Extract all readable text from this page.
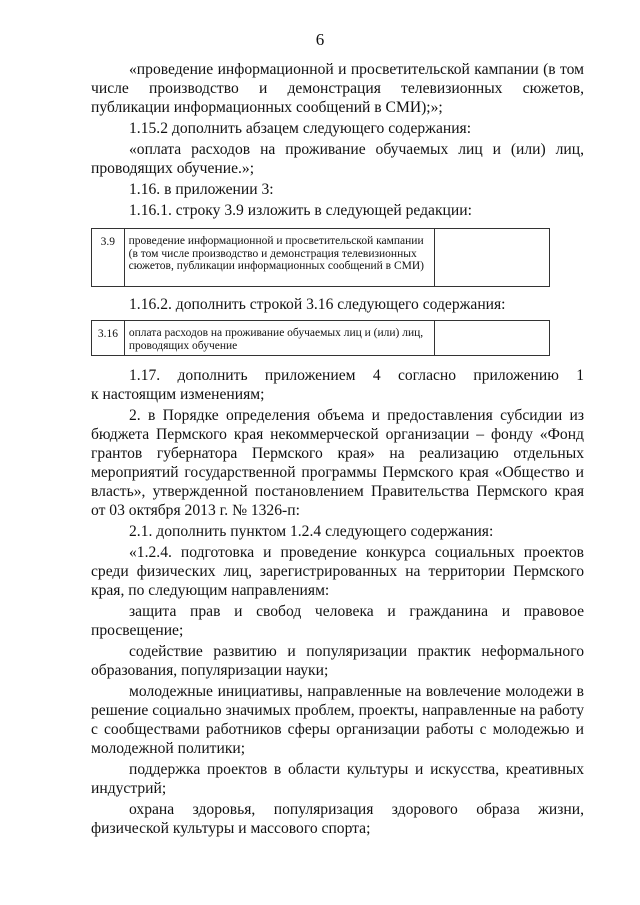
6

«проведение информационной и просветительской кампании (в том числе производство и демонстрация телевизионных сюжетов, публикации информационных сообщений в СМИ);»;

1.15.2 дополнить абзацем следующего содержания:

«оплата расходов на проживание обучаемых лиц и (или) лиц, проводящих обучение.»;

1.16. в приложении 3:

1.16.1. строку 3.9 изложить в следующей редакции:

3.9	проведение информационной и просветительской кампании (в том числе производство и демонстрация телевизионных сюжетов, публикации информационных сообщений в СМИ)	

1.16.2. дополнить строкой 3.16 следующего содержания:

3.16	оплата расходов на проживание обучаемых лиц и (или) лиц, проводящих обучение	
1.17. дополнить приложением 4 согласно приложению 1

к настоящим изменениям;

2. в Порядке определения объема и предоставления субсидии из бюджета Пермского края некоммерческой организации – фонду «Фонд грантов губернатора Пермского края» на реализацию отдельных мероприятий государственной программы Пермского края «Общество и власть», утвержденной постановлением Правительства Пермского края от 03 октября 2013 г. № 1326-п:

2.1. дополнить пунктом 1.2.4 следующего содержания:

«1.2.4. подготовка и проведение конкурса социальных проектов среди физических лиц, зарегистрированных на территории Пермского края, по следующим направлениям:

защита прав и свобод человека и гражданина и правовое просвещение;

содействие развитию и популяризации практик неформального образования, популяризации науки;

молодежные инициативы, направленные на вовлечение молодежи в решение социально значимых проблем, проекты, направленные на работу с сообществами работников сферы организации работы с молодежью и молодежной политики;

поддержка проектов в области культуры и искусства, креативных индустрий;

охрана здоровья, популяризация здорового образа жизни, физической культуры и массового спорта;
